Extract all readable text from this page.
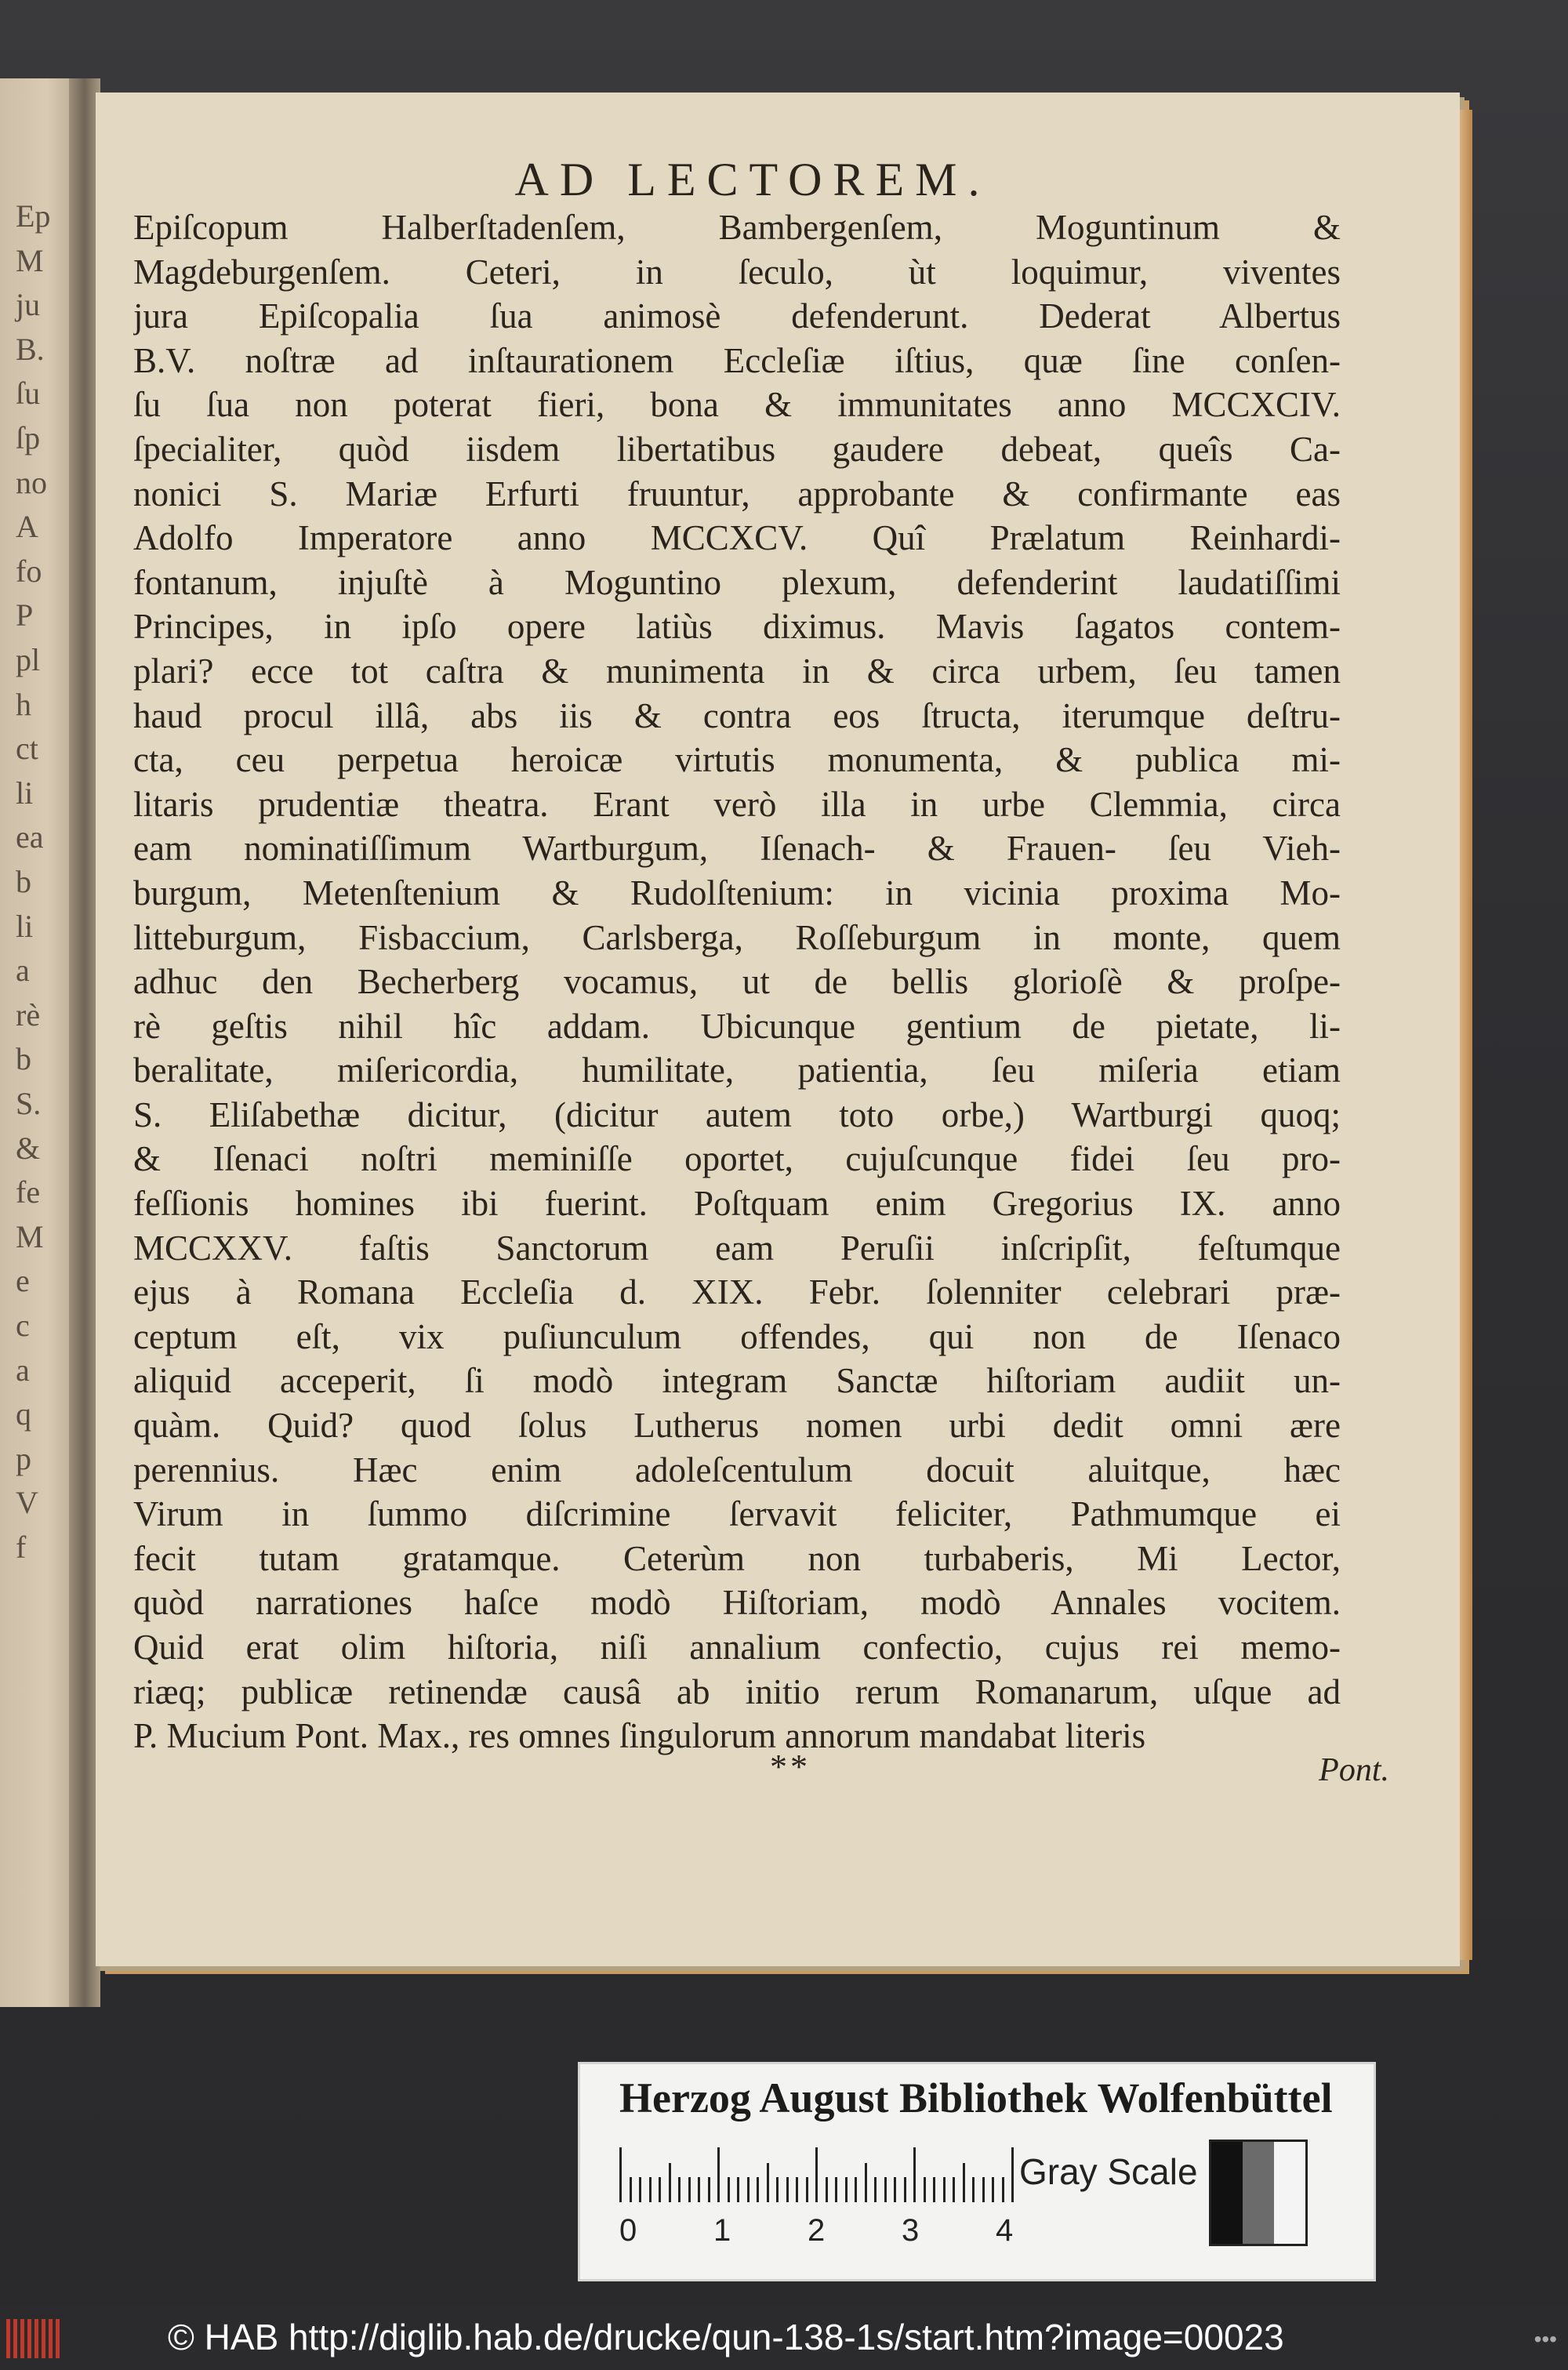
Ep
M
ju
B.
ſu
ſp
no
A
fo
P
pl
h
ct
li
ea
b
li
a
rè
b
S.
&
fe
M
e
c
a
q
p
V
f
AD LECTOREM.
Epiſcopum Halberſtadenſem, Bambergenſem, Moguntinum &
Magdeburgenſem. Ceteri, in ſeculo, ùt loquimur, viventes
jura Epiſcopalia ſua animosè defenderunt. Dederat Albertus
B.V. noſtræ ad inſtaurationem Eccleſiæ iſtius, quæ ſine conſen-
ſu ſua non poterat fieri, bona & immunitates anno MCCXCIV.
ſpecialiter, quòd iisdem libertatibus gaudere debeat, queîs Ca-
nonici S. Mariæ Erfurti fruuntur, approbante & confirmante eas
Adolfo Imperatore anno MCCXCV. Quî Prælatum Reinhardi-
fontanum, injuſtè à Moguntino plexum, defenderint laudatiſſimi
Principes, in ipſo opere latiùs diximus. Mavis ſagatos contem-
plari? ecce tot caſtra & munimenta in & circa urbem, ſeu tamen
haud procul illâ, abs iis & contra eos ſtructa, iterumque deſtru-
cta, ceu perpetua heroicæ virtutis monumenta, & publica mi-
litaris prudentiæ theatra. Erant verò illa in urbe Clemmia, circa
eam nominatiſſimum Wartburgum, Iſenach- & Frauen- ſeu Vieh-
burgum, Metenſtenium & Rudolſtenium: in vicinia proxima Mo-
litteburgum, Fisbaccium, Carlsberga, Roſſeburgum in monte, quem
adhuc den Becherberg vocamus, ut de bellis glorioſè & proſpe-
rè geſtis nihil hîc addam. Ubicunque gentium de pietate, li-
beralitate, miſericordia, humilitate, patientia, ſeu miſeria etiam
S. Eliſabethæ dicitur, (dicitur autem toto orbe,) Wartburgi quoq;
& Iſenaci noſtri meminiſſe oportet, cujuſcunque fidei ſeu pro-
feſſionis homines ibi fuerint. Poſtquam enim Gregorius IX. anno
MCCXXV. faſtis Sanctorum eam Peruſii inſcripſit, feſtumque
ejus à Romana Eccleſia d. XIX. Febr. ſolenniter celebrari præ-
ceptum eſt, vix puſiunculum offendes, qui non de Iſenaco
aliquid acceperit, ſi modò integram Sanctæ hiſtoriam audiit un-
quàm. Quid? quod ſolus Lutherus nomen urbi dedit omni ære
perennius. Hæc enim adoleſcentulum docuit aluitque, hæc
Virum in ſummo diſcrimine ſervavit feliciter, Pathmumque ei
fecit tutam gratamque. Ceterùm non turbaberis, Mi Lector,
quòd narrationes haſce modò Hiſtoriam, modò Annales vocitem.
Quid erat olim hiſtoria, niſi annalium confectio, cujus rei memo-
riæq; publicæ retinendæ causâ ab initio rerum Romanarum, uſque ad
P. Mucium Pont. Max., res omnes ſingulorum annorum mandabat literis
**	Pont.
Herzog August Bibliothek Wolfenbüttel
0 1 2 3 4
Gray Scale
© HAB http://diglib.hab.de/drucke/qun-138-1s/start.htm?image=00023	•••
